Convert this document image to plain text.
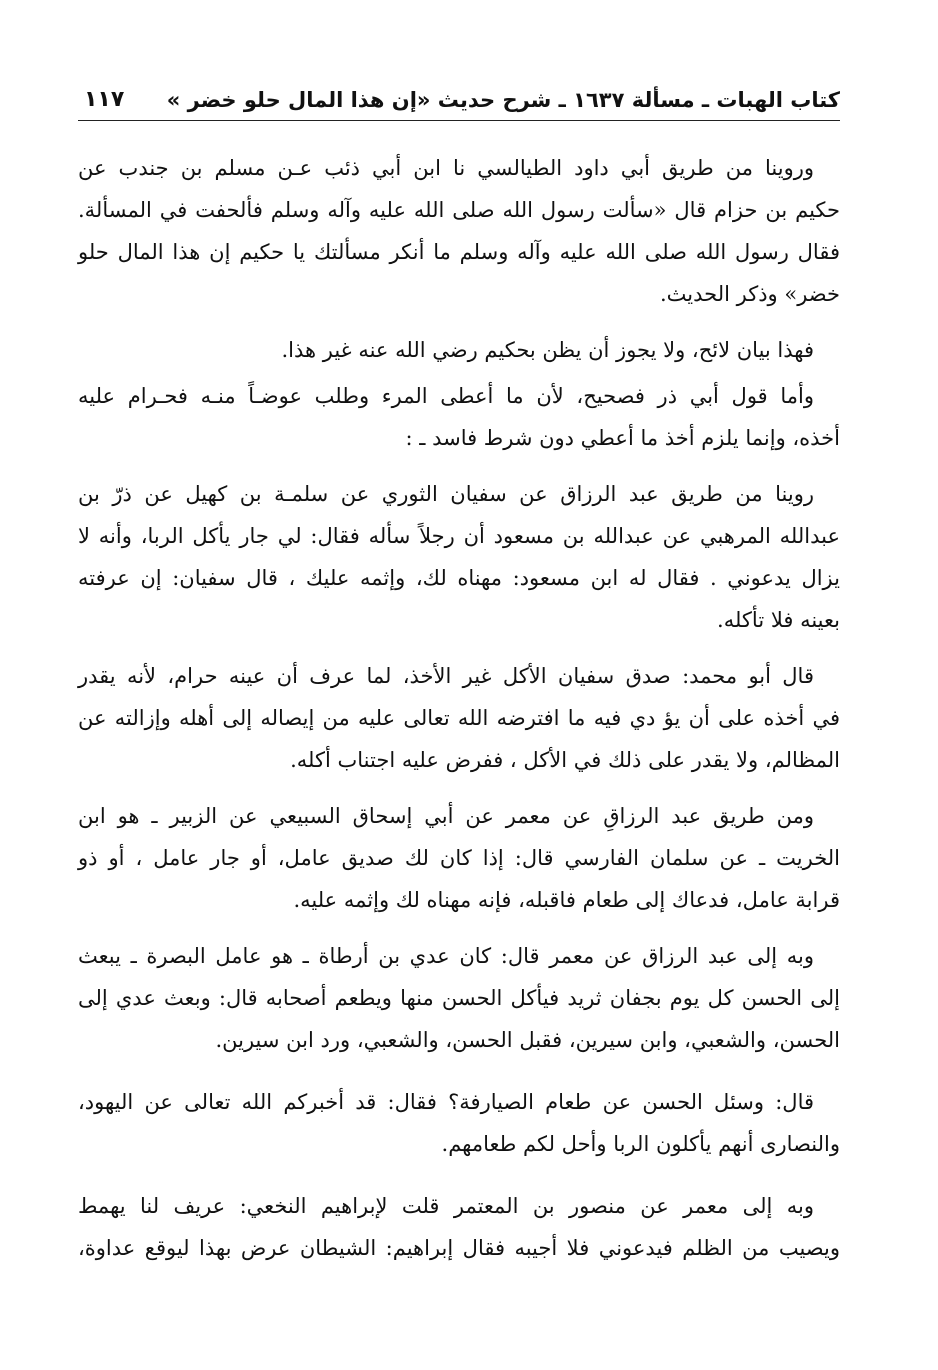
كتاب الهبات ـ مسألة ١٦٣٧ ـ شرح حديث «إن هذا المال حلو خضر »
١١٧

وروينا من طريق أبي داود الطيالسي نا ابن أبي ذئب عـن مسلم بن جندب عن
حكيم بن حزام قال «سألت رسول الله صلى الله عليه وآله وسلم فألحفت في المسألة.
فقال رسول الله صلى الله عليه وآله وسلم ما أنكر مسألتك يا حكيم إن هذا المال حلو
خضر» وذكر الحديث.

فهذا بيان لائح، ولا يجوز أن يظن بحكيم رضي الله عنه غير هذا.

وأما قول أبي ذر فصحيح، لأن ما أعطى المرء وطلب عوضـاً منـه فحـرام عليه
أخذه، وإنما يلزم أخذ ما أعطي دون شرط فاسد ـ :

روينا من طريق عبد الرزاق عن سفيان الثوري عن سلمـة بن كهيل عن ذرّ بن
عبدالله المرهبي عن عبدالله بن مسعود أن رجلاً سأله فقال: لي جار يأكل الربا، وأنه لا
يزال يدعوني . فقال له ابن مسعود: مهناه لك، وإثمه عليك ، قال سفيان: إن عرفته
بعينه فلا تأكله.

قال أبو محمد: صدق سفيان الأكل غير الأخذ، لما عرف أن عينه حرام، لأنه يقدر
في أخذه على أن يؤ دي فيه ما افترضه الله تعالى عليه من إيصاله إلى أهله وإزالته عن
المظالم، ولا يقدر على ذلك في الأكل ، ففرض عليه اجتناب أكله.

ومن طريق عبد الرزاقِ عن معمر عن أبي إسحاق السبيعي عن الزبير ـ هو ابن
الخريت ـ عن سلمان الفارسي قال: إذا كان لك صديق عامل، أو جار عامل ، أو ذو
قرابة عامل، فدعاك إلى طعام فاقبله، فإنه مهناه لك وإثمه عليه.

وبه إلى عبد الرزاق عن معمر قال: كان عدي بن أرطاة ـ هو عامل البصرة ـ يبعث
إلى الحسن كل يوم بجفان ثريد فيأكل الحسن منها ويطعم أصحابه قال: وبعث عدي إلى
الحسن، والشعبي، وابن سيرين، فقبل الحسن، والشعبي، ورد ابن سيرين.

قال: وسئل الحسن عن طعام الصيارفة؟ فقال: قد أخبركم الله تعالى عن اليهود،
والنصارى أنهم يأكلون الربا وأحل لكم طعامهم.

وبه إلى معمر عن منصور بن المعتمر قلت لإبراهيم النخعي: عريف لنا يهمط
ويصيب من الظلم فيدعوني فلا أجيبه فقال إبراهيم: الشيطان عرض بهذا ليوقع عداوة،
